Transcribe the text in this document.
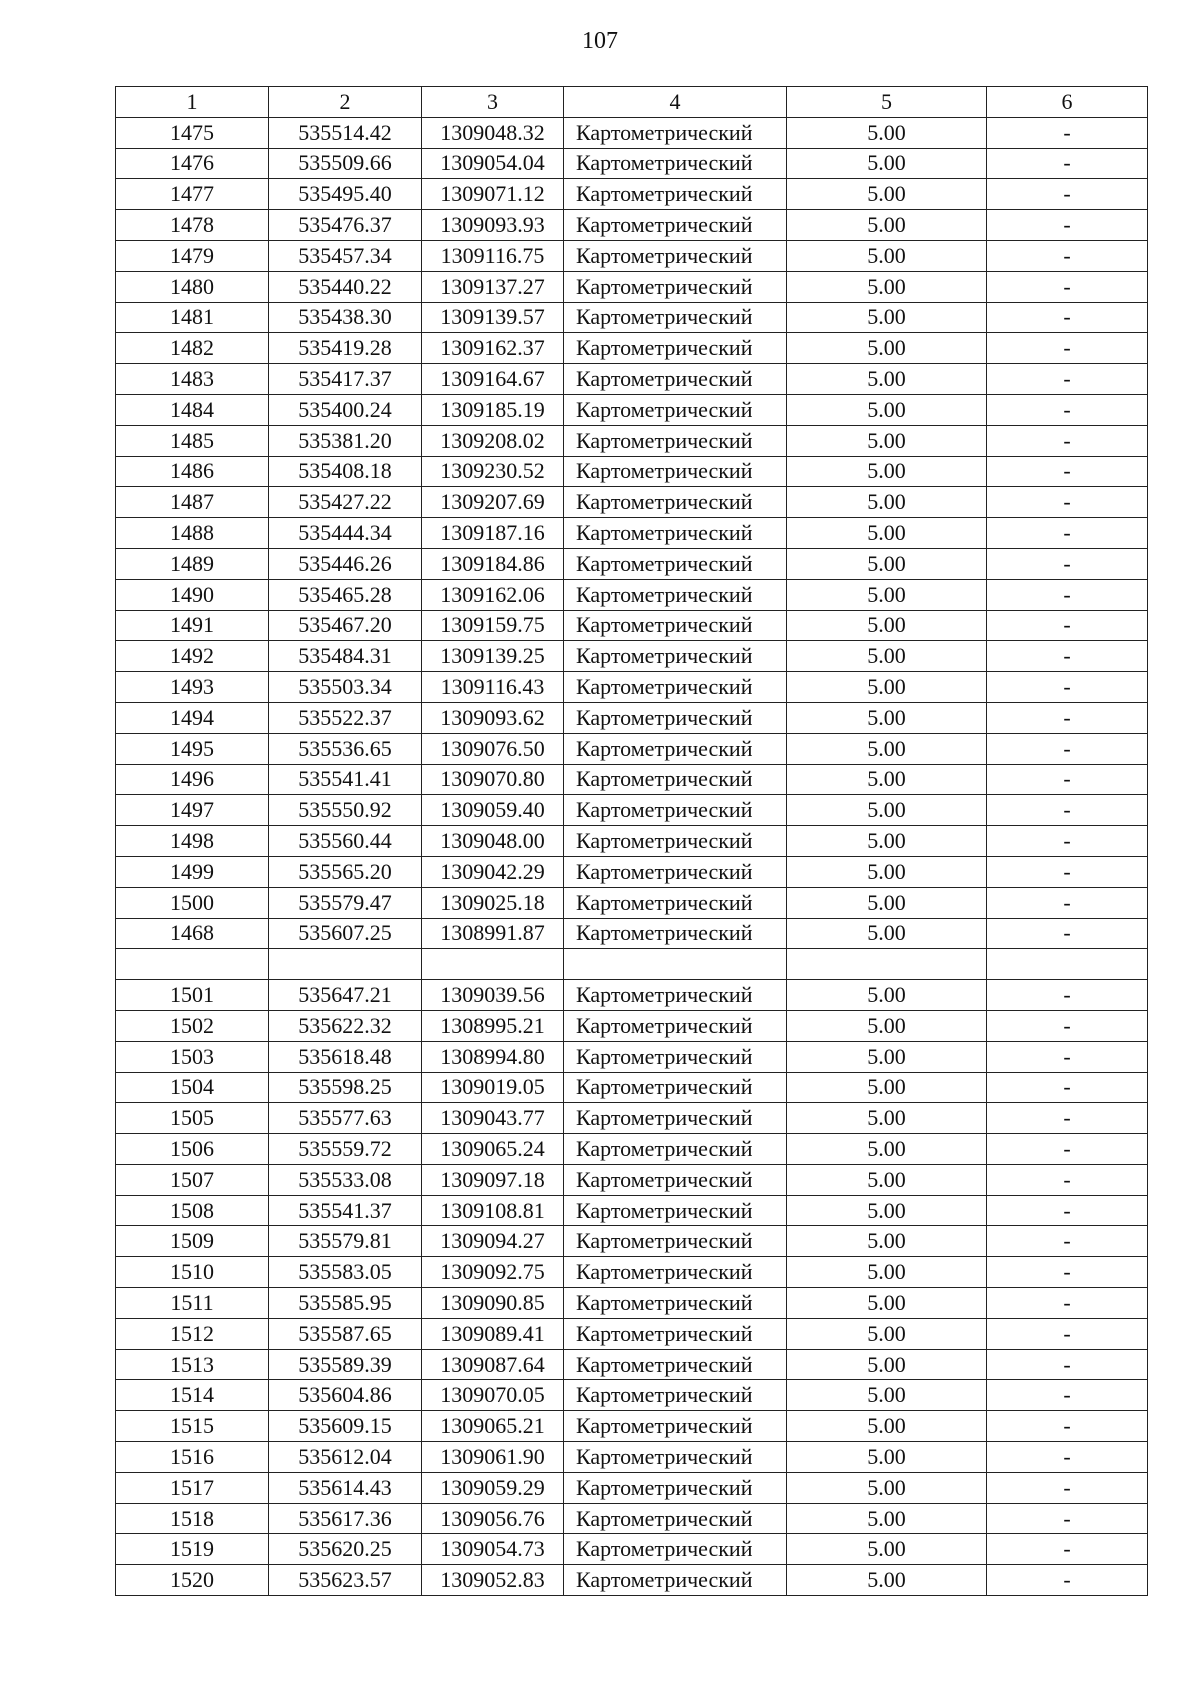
107
1	2	3	4	5	6
1475	535514.42	1309048.32	Картометрический	5.00	-
1476	535509.66	1309054.04	Картометрический	5.00	-
1477	535495.40	1309071.12	Картометрический	5.00	-
1478	535476.37	1309093.93	Картометрический	5.00	-
1479	535457.34	1309116.75	Картометрический	5.00	-
1480	535440.22	1309137.27	Картометрический	5.00	-
1481	535438.30	1309139.57	Картометрический	5.00	-
1482	535419.28	1309162.37	Картометрический	5.00	-
1483	535417.37	1309164.67	Картометрический	5.00	-
1484	535400.24	1309185.19	Картометрический	5.00	-
1485	535381.20	1309208.02	Картометрический	5.00	-
1486	535408.18	1309230.52	Картометрический	5.00	-
1487	535427.22	1309207.69	Картометрический	5.00	-
1488	535444.34	1309187.16	Картометрический	5.00	-
1489	535446.26	1309184.86	Картометрический	5.00	-
1490	535465.28	1309162.06	Картометрический	5.00	-
1491	535467.20	1309159.75	Картометрический	5.00	-
1492	535484.31	1309139.25	Картометрический	5.00	-
1493	535503.34	1309116.43	Картометрический	5.00	-
1494	535522.37	1309093.62	Картометрический	5.00	-
1495	535536.65	1309076.50	Картометрический	5.00	-
1496	535541.41	1309070.80	Картометрический	5.00	-
1497	535550.92	1309059.40	Картометрический	5.00	-
1498	535560.44	1309048.00	Картометрический	5.00	-
1499	535565.20	1309042.29	Картометрический	5.00	-
1500	535579.47	1309025.18	Картометрический	5.00	-
1468	535607.25	1308991.87	Картометрический	5.00	-

1501	535647.21	1309039.56	Картометрический	5.00	-
1502	535622.32	1308995.21	Картометрический	5.00	-
1503	535618.48	1308994.80	Картометрический	5.00	-
1504	535598.25	1309019.05	Картометрический	5.00	-
1505	535577.63	1309043.77	Картометрический	5.00	-
1506	535559.72	1309065.24	Картометрический	5.00	-
1507	535533.08	1309097.18	Картометрический	5.00	-
1508	535541.37	1309108.81	Картометрический	5.00	-
1509	535579.81	1309094.27	Картометрический	5.00	-
1510	535583.05	1309092.75	Картометрический	5.00	-
1511	535585.95	1309090.85	Картометрический	5.00	-
1512	535587.65	1309089.41	Картометрический	5.00	-
1513	535589.39	1309087.64	Картометрический	5.00	-
1514	535604.86	1309070.05	Картометрический	5.00	-
1515	535609.15	1309065.21	Картометрический	5.00	-
1516	535612.04	1309061.90	Картометрический	5.00	-
1517	535614.43	1309059.29	Картометрический	5.00	-
1518	535617.36	1309056.76	Картометрический	5.00	-
1519	535620.25	1309054.73	Картометрический	5.00	-
1520	535623.57	1309052.83	Картометрический	5.00	-
